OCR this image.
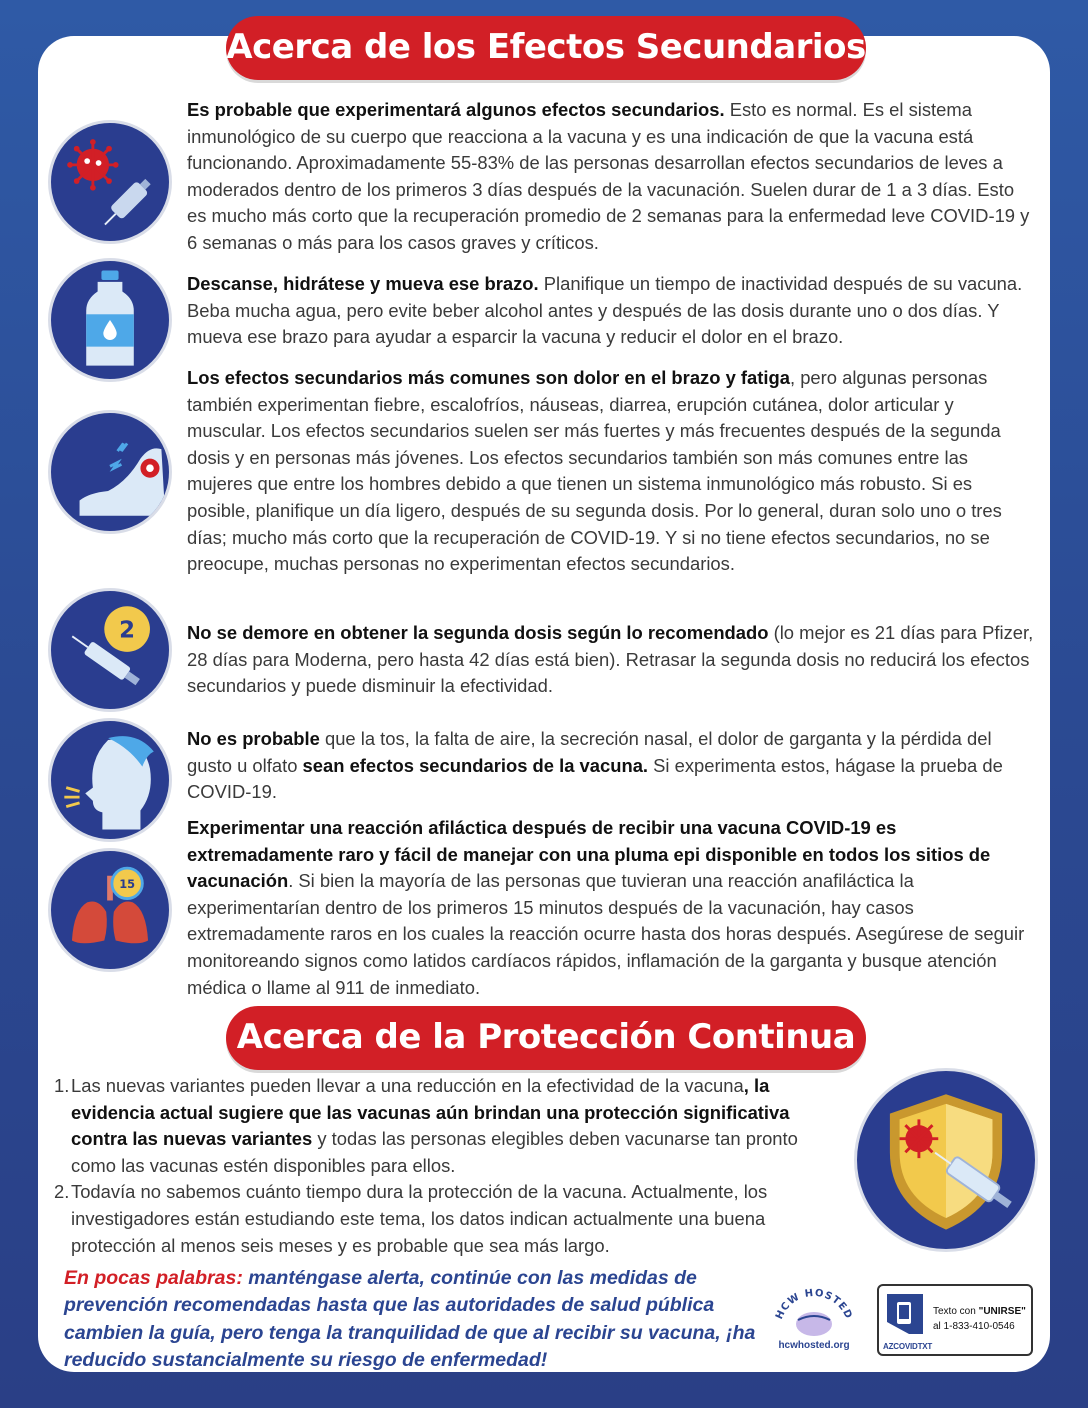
Acerca de los Efectos Secundarios
2
15
Es probable que experimentará algunos efectos secundarios. Esto es normal. Es el sistema inmunológico de su cuerpo que reacciona a la vacuna y es una indicación de que la vacuna está funcionando. Aproximadamente 55-83% de las personas desarrollan efectos secundarios de leves a moderados dentro de los primeros 3 días después de la vacunación. Suelen durar de 1 a 3 días. Esto es mucho más corto que la recuperación promedio de 2 semanas para la enfermedad leve COVID-19 y 6 semanas o más para los casos graves y críticos.
Descanse, hidrátese y mueva ese brazo. Planifique un tiempo de inactividad después de su vacuna. Beba mucha agua, pero evite beber alcohol antes y después de las dosis durante uno o dos días. Y mueva ese brazo para ayudar a esparcir la vacuna y reducir el dolor en el brazo.
Los efectos secundarios más comunes son dolor en el brazo y fatiga, pero algunas personas también experimentan fiebre, escalofríos, náuseas, diarrea, erupción cutánea, dolor articular y muscular. Los efectos secundarios suelen ser más fuertes y más frecuentes después de la segunda dosis y en personas más jóvenes. Los efectos secundarios también son más comunes entre las mujeres que entre los hombres debido a que tienen un sistema inmunológico más robusto. Si es posible, planifique un día ligero, después de su segunda dosis. Por lo general, duran solo uno o tres días; mucho más corto que la recuperación de COVID-19. Y si no tiene efectos secundarios, no se preocupe, muchas personas no experimentan efectos secundarios.
No se demore en obtener la segunda dosis según lo recomendado (lo mejor es 21 días para Pfizer, 28 días para Moderna, pero hasta 42 días está bien). Retrasar la segunda dosis no reducirá los efectos secundarios y puede disminuir la efectividad.
No es probable que la tos, la falta de aire, la secreción nasal, el dolor de garganta y la pérdida del gusto u olfato sean efectos secundarios de la vacuna. Si experimenta estos, hágase la prueba de COVID-19.
Experimentar una reacción afiláctica después de recibir una vacuna COVID-19 es extremadamente raro y fácil de manejar con una pluma epi disponible en todos los sitios de vacunación. Si bien la mayoría de las personas que tuvieran una reacción anafiláctica la experimentarían dentro de los primeros 15 minutos después de la vacunación, hay casos extremadamente raros en los cuales la reacción ocurre hasta dos horas después. Asegúrese de seguir monitoreando signos como latidos cardíacos rápidos, inflamación de la garganta y busque atención médica o llame al 911 de inmediato.
Acerca de la Protección Continua
1. Las nuevas variantes pueden llevar a una reducción en la efectividad de la vacuna, la evidencia actual sugiere que las vacunas aún brindan una protección significativa contra las nuevas variantes y todas las personas elegibles deben vacunarse tan pronto como las vacunas estén disponibles para ellos.
2. Todavía no sabemos cuánto tiempo dura la protección de la vacuna. Actualmente, los investigadores están estudiando este tema, los datos indican actualmente una buena protección al menos seis meses y es probable que sea más largo.
En pocas palabras: manténgase alerta, continúe con las medidas de prevención recomendadas hasta que las autoridades de salud pública cambien la guía, pero tenga la tranquilidad de que al recibir su vacuna, ¡ha reducido sustancialmente su riesgo de enfermedad!
HCW HOSTED
hcwhosted.org	AZCOVIDTXT
Texto con "UNIRSE"
al 1-833-410-0546
